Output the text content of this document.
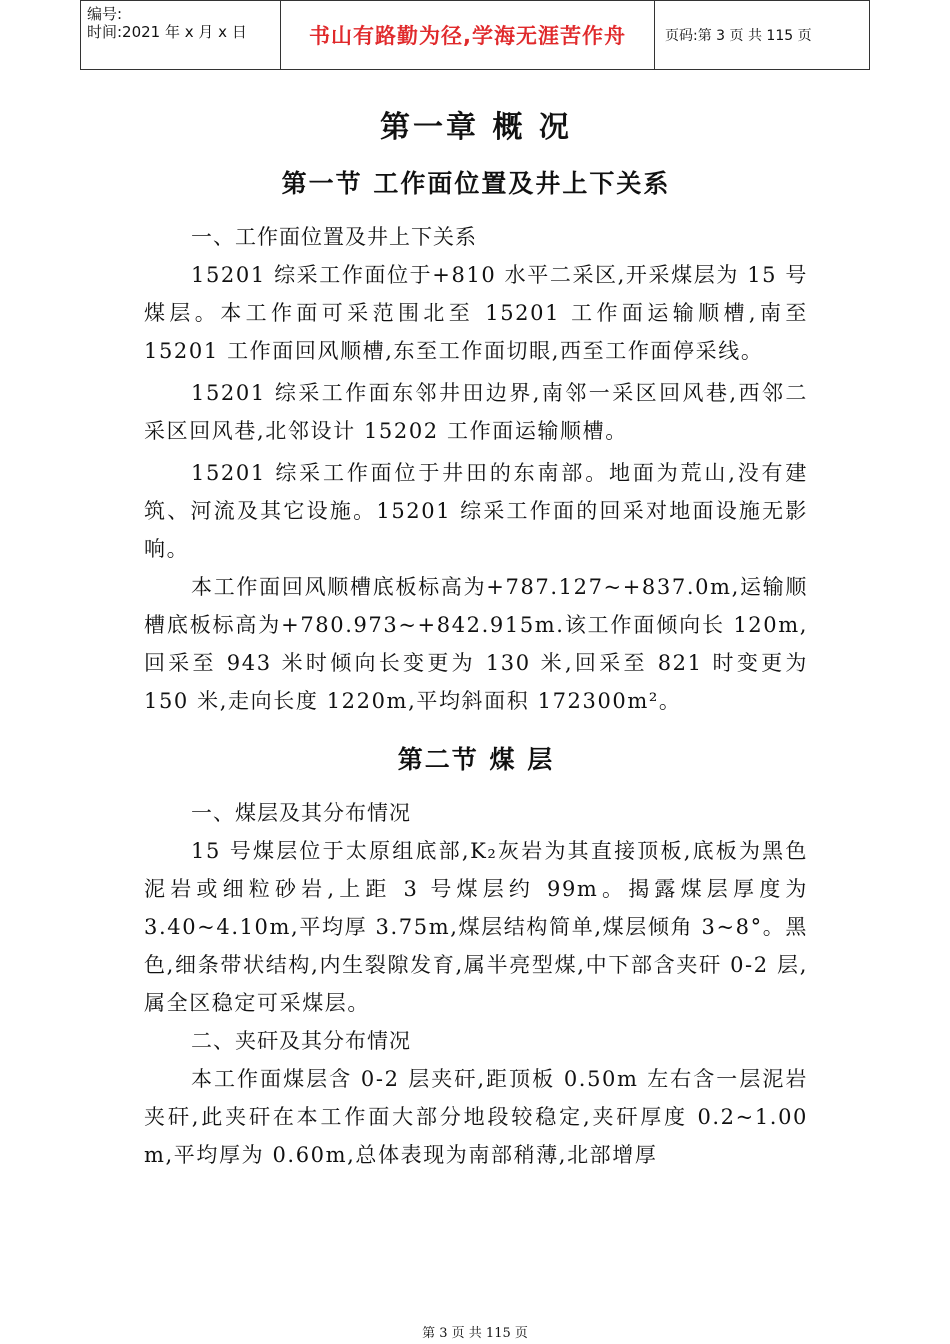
编号:
时间:2021 年 x 月 x 日	书山有路勤为径,学海无涯苦作舟	页码:第 3 页 共 115 页
第一章 概 况
第一节 工作面位置及井上下关系

一、工作面位置及井上下关系

15201 综采工作面位于+810 水平二采区,开采煤层为 15 号煤层。本工作面可采范围北至 15201 工作面运输顺槽,南至 15201 工作面回风顺槽,东至工作面切眼,西至工作面停采线。

15201 综采工作面东邻井田边界,南邻一采区回风巷,西邻二采区回风巷,北邻设计 15202 工作面运输顺槽。

15201 综采工作面位于井田的东南部。地面为荒山,没有建筑、河流及其它设施。15201 综采工作面的回采对地面设施无影响。

本工作面回风顺槽底板标高为+787.127~+837.0m,运输顺槽底板标高为+780.973~+842.915m.该工作面倾向长 120m,回采至 943 米时倾向长变更为 130 米,回采至 821 时变更为 150 米,走向长度 1220m,平均斜面积 172300m²。

第二节 煤 层

一、煤层及其分布情况

15 号煤层位于太原组底部,K₂灰岩为其直接顶板,底板为黑色泥岩或细粒砂岩,上距 3 号煤层约 99m。揭露煤层厚度为 3.40~4.10m,平均厚 3.75m,煤层结构简单,煤层倾角 3~8°。黑色,细条带状结构,内生裂隙发育,属半亮型煤,中下部含夹矸 0-2 层,属全区稳定可采煤层。

二、夹矸及其分布情况

本工作面煤层含 0-2 层夹矸,距顶板 0.50m 左右含一层泥岩夹矸,此夹矸在本工作面大部分地段较稳定,夹矸厚度 0.2~1.00 m,平均厚为 0.60m,总体表现为南部稍薄,北部增厚

第 3 页 共 115 页
